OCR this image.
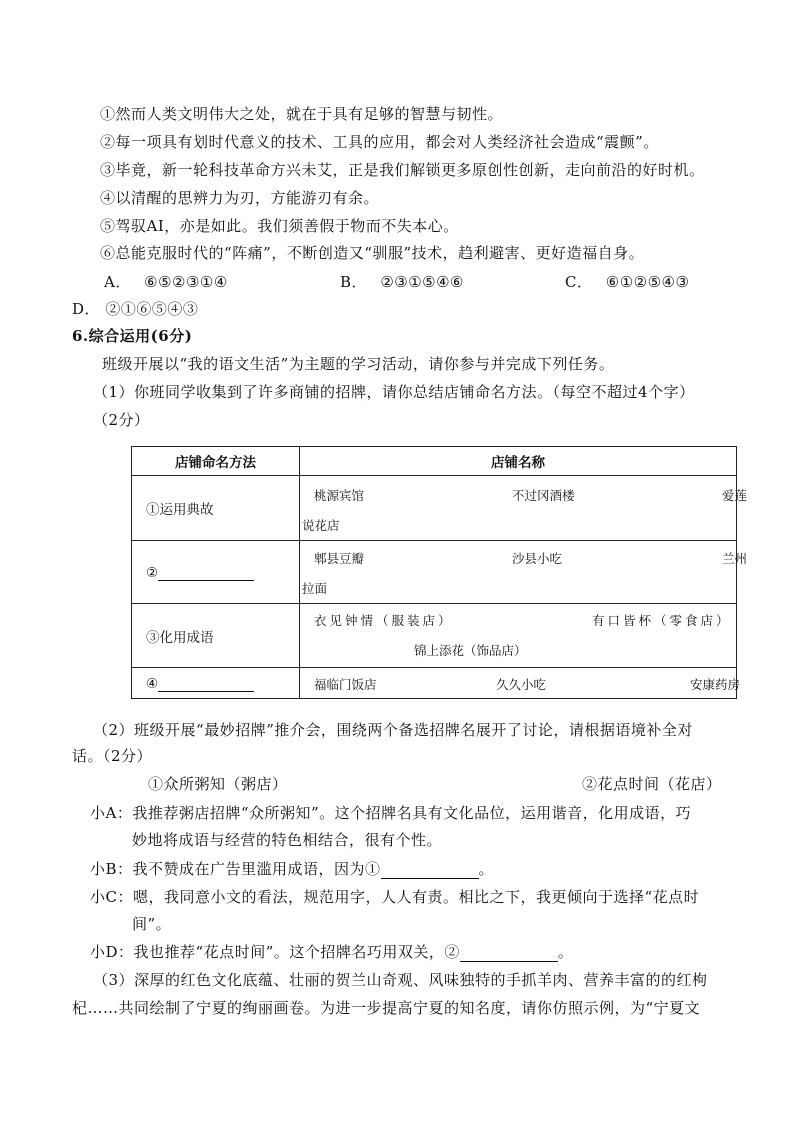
①然而人类文明伟大之处，就在于具有足够的智慧与韧性。
②每一项具有划时代意义的技术、工具的应用，都会对人类经济社会造成“震颤”。
③毕竟，新一轮科技革命方兴未艾，正是我们解锁更多原创性创新，走向前沿的好时机。
④以清醒的思辨力为刃，方能游刃有余。
⑤驾驭AI，亦是如此。我们须善假于物而不失本心。
⑥总能克服时代的“阵痛”，不断创造又“驯服”技术，趋利避害、更好造福自身。
A． ⑥⑤②③①④	B． ②③①⑤④⑥	C． ⑥①②⑤④③
D． ②①⑥⑤④③
6.综合运用(6分)
班级开展以“我的语文生活”为主题的学习活动，请你参与并完成下列任务。
（1）你班同学收集到了许多商铺的招牌，请你总结店铺命名方法。（每空不超过4个字）
（2分）
店铺命名方法	店铺名称
①运用典故	桃源宾馆 不过冈酒楼 爱莲
说花店

②	郫县豆瓣 沙县小吃 兰州
拉面

③化用成语	衣见钟情（服装店） 有口皆杯（零食店）
锦上添花（饰品店）

④	福临门饭店 久久小吃 安康药房
（2）班级开展“最妙招牌”推介会，围绕两个备选招牌名展开了讨论，请根据语境补全对
话。（2分）
①众所粥知（粥店）	②花点时间（花店）
小A：我推荐粥店招牌“众所粥知”。这个招牌名具有文化品位，运用谐音，化用成语，巧
妙地将成语与经营的特色相结合，很有个性。
小B：我不赞成在广告里滥用成语，因为①	。
小C：嗯，我同意小文的看法，规范用字，人人有责。相比之下，我更倾向于选择“花点时
间”。
小D：我也推荐“花点时间”。这个招牌名巧用双关，②	。
（3）深厚的红色文化底蕴、壮丽的贺兰山奇观、风味独特的手抓羊肉、营养丰富的的红枸
杞……共同绘制了宁夏的绚丽画卷。为进一步提高宁夏的知名度，请你仿照示例，为“宁夏文
